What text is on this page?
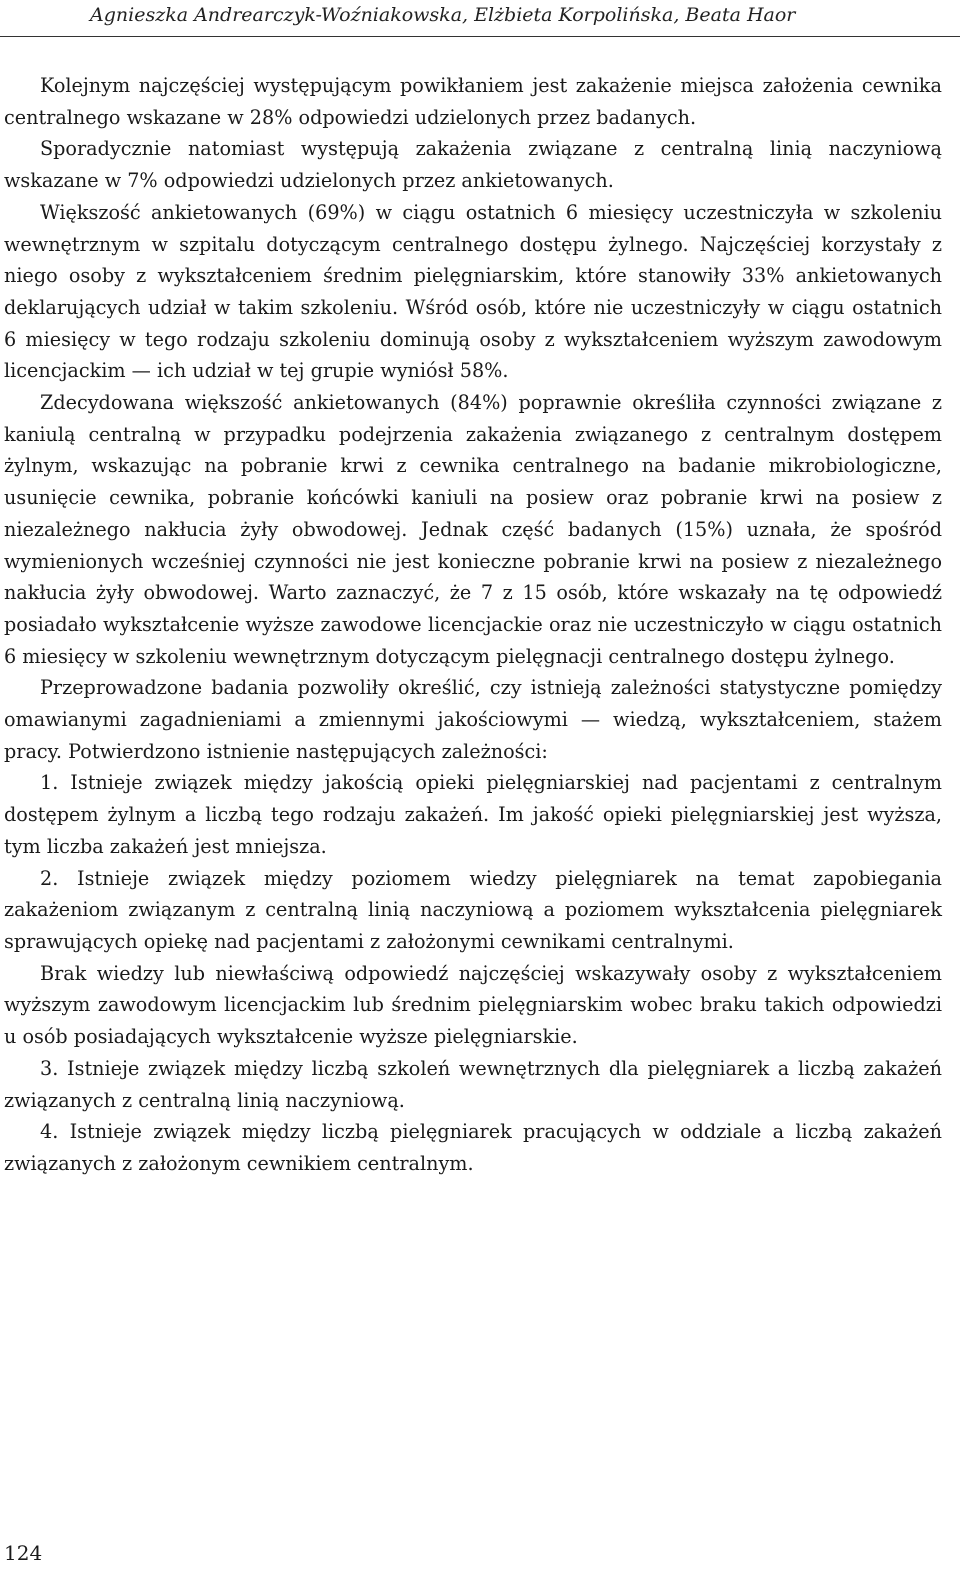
Agnieszka Andrearczyk-Woźniakowska, Elżbieta Korpolińska, Beata Haor

Kolejnym najczęściej występującym powikłaniem jest zakażenie miejsca założenia cewnika centralnego wskazane w 28% odpowiedzi udzielonych przez badanych.

Sporadycznie natomiast występują zakażenia związane z centralną linią naczyniową wskazane w 7% odpowiedzi udzielonych przez ankietowanych.

Większość ankietowanych (69%) w ciągu ostatnich 6 miesięcy uczestniczyła w szkoleniu wewnętrznym w szpitalu dotyczącym centralnego dostępu żylnego. Najczęściej korzystały z niego osoby z wykształceniem średnim pielęgniarskim, które stanowiły 33% ankietowanych deklarujących udział w takim szkoleniu. Wśród osób, które nie uczestniczyły w ciągu ostatnich 6 miesięcy w tego rodzaju szkoleniu dominują osoby z wykształceniem wyższym zawodowym licencjackim — ich udział w tej grupie wyniósł 58%.

Zdecydowana większość ankietowanych (84%) poprawnie określiła czynności związane z kaniulą centralną w przypadku podejrzenia zakażenia związanego z centralnym dostępem żylnym, wskazując na pobranie krwi z cewnika centralnego na badanie mikrobiologiczne, usunięcie cewnika, pobranie końcówki kaniuli na posiew oraz pobranie krwi na posiew z niezależnego nakłucia żyły obwodowej. Jednak część badanych (15%) uznała, że spośród wymienionych wcześniej czynności nie jest konieczne pobranie krwi na posiew z niezależnego nakłucia żyły obwodowej. Warto zaznaczyć, że 7 z 15 osób, które wskazały na tę odpowiedź posiadało wykształcenie wyższe zawodowe licencjackie oraz nie uczestniczyło w ciągu ostatnich 6 miesięcy w szkoleniu wewnętrznym dotyczącym pielęgnacji centralnego dostępu żylnego.

Przeprowadzone badania pozwoliły określić, czy istnieją zależności statystyczne pomiędzy omawianymi zagadnieniami a zmiennymi jakościowymi — wiedzą, wykształceniem, stażem pracy. Potwierdzono istnienie następujących zależności:

1. Istnieje związek między jakością opieki pielęgniarskiej nad pacjentami z centralnym dostępem żylnym a liczbą tego rodzaju zakażeń. Im jakość opieki pielęgniarskiej jest wyższa, tym liczba zakażeń jest mniejsza.

2. Istnieje związek między poziomem wiedzy pielęgniarek na temat zapobiegania zakażeniom związanym z centralną linią naczyniową a poziomem wykształcenia pielęgniarek sprawujących opiekę nad pacjentami z założonymi cewnikami centralnymi.

Brak wiedzy lub niewłaściwą odpowiedź najczęściej wskazywały osoby z wykształceniem wyższym zawodowym licencjackim lub średnim pielęgniarskim wobec braku takich odpowiedzi u osób posiadających wykształcenie wyższe pielęgniarskie.

3. Istnieje związek między liczbą szkoleń wewnętrznych dla pielęgniarek a liczbą zakażeń związanych z centralną linią naczyniową.

4. Istnieje związek między liczbą pielęgniarek pracujących w oddziale a liczbą zakażeń związanych z założonym cewnikiem centralnym.

124
